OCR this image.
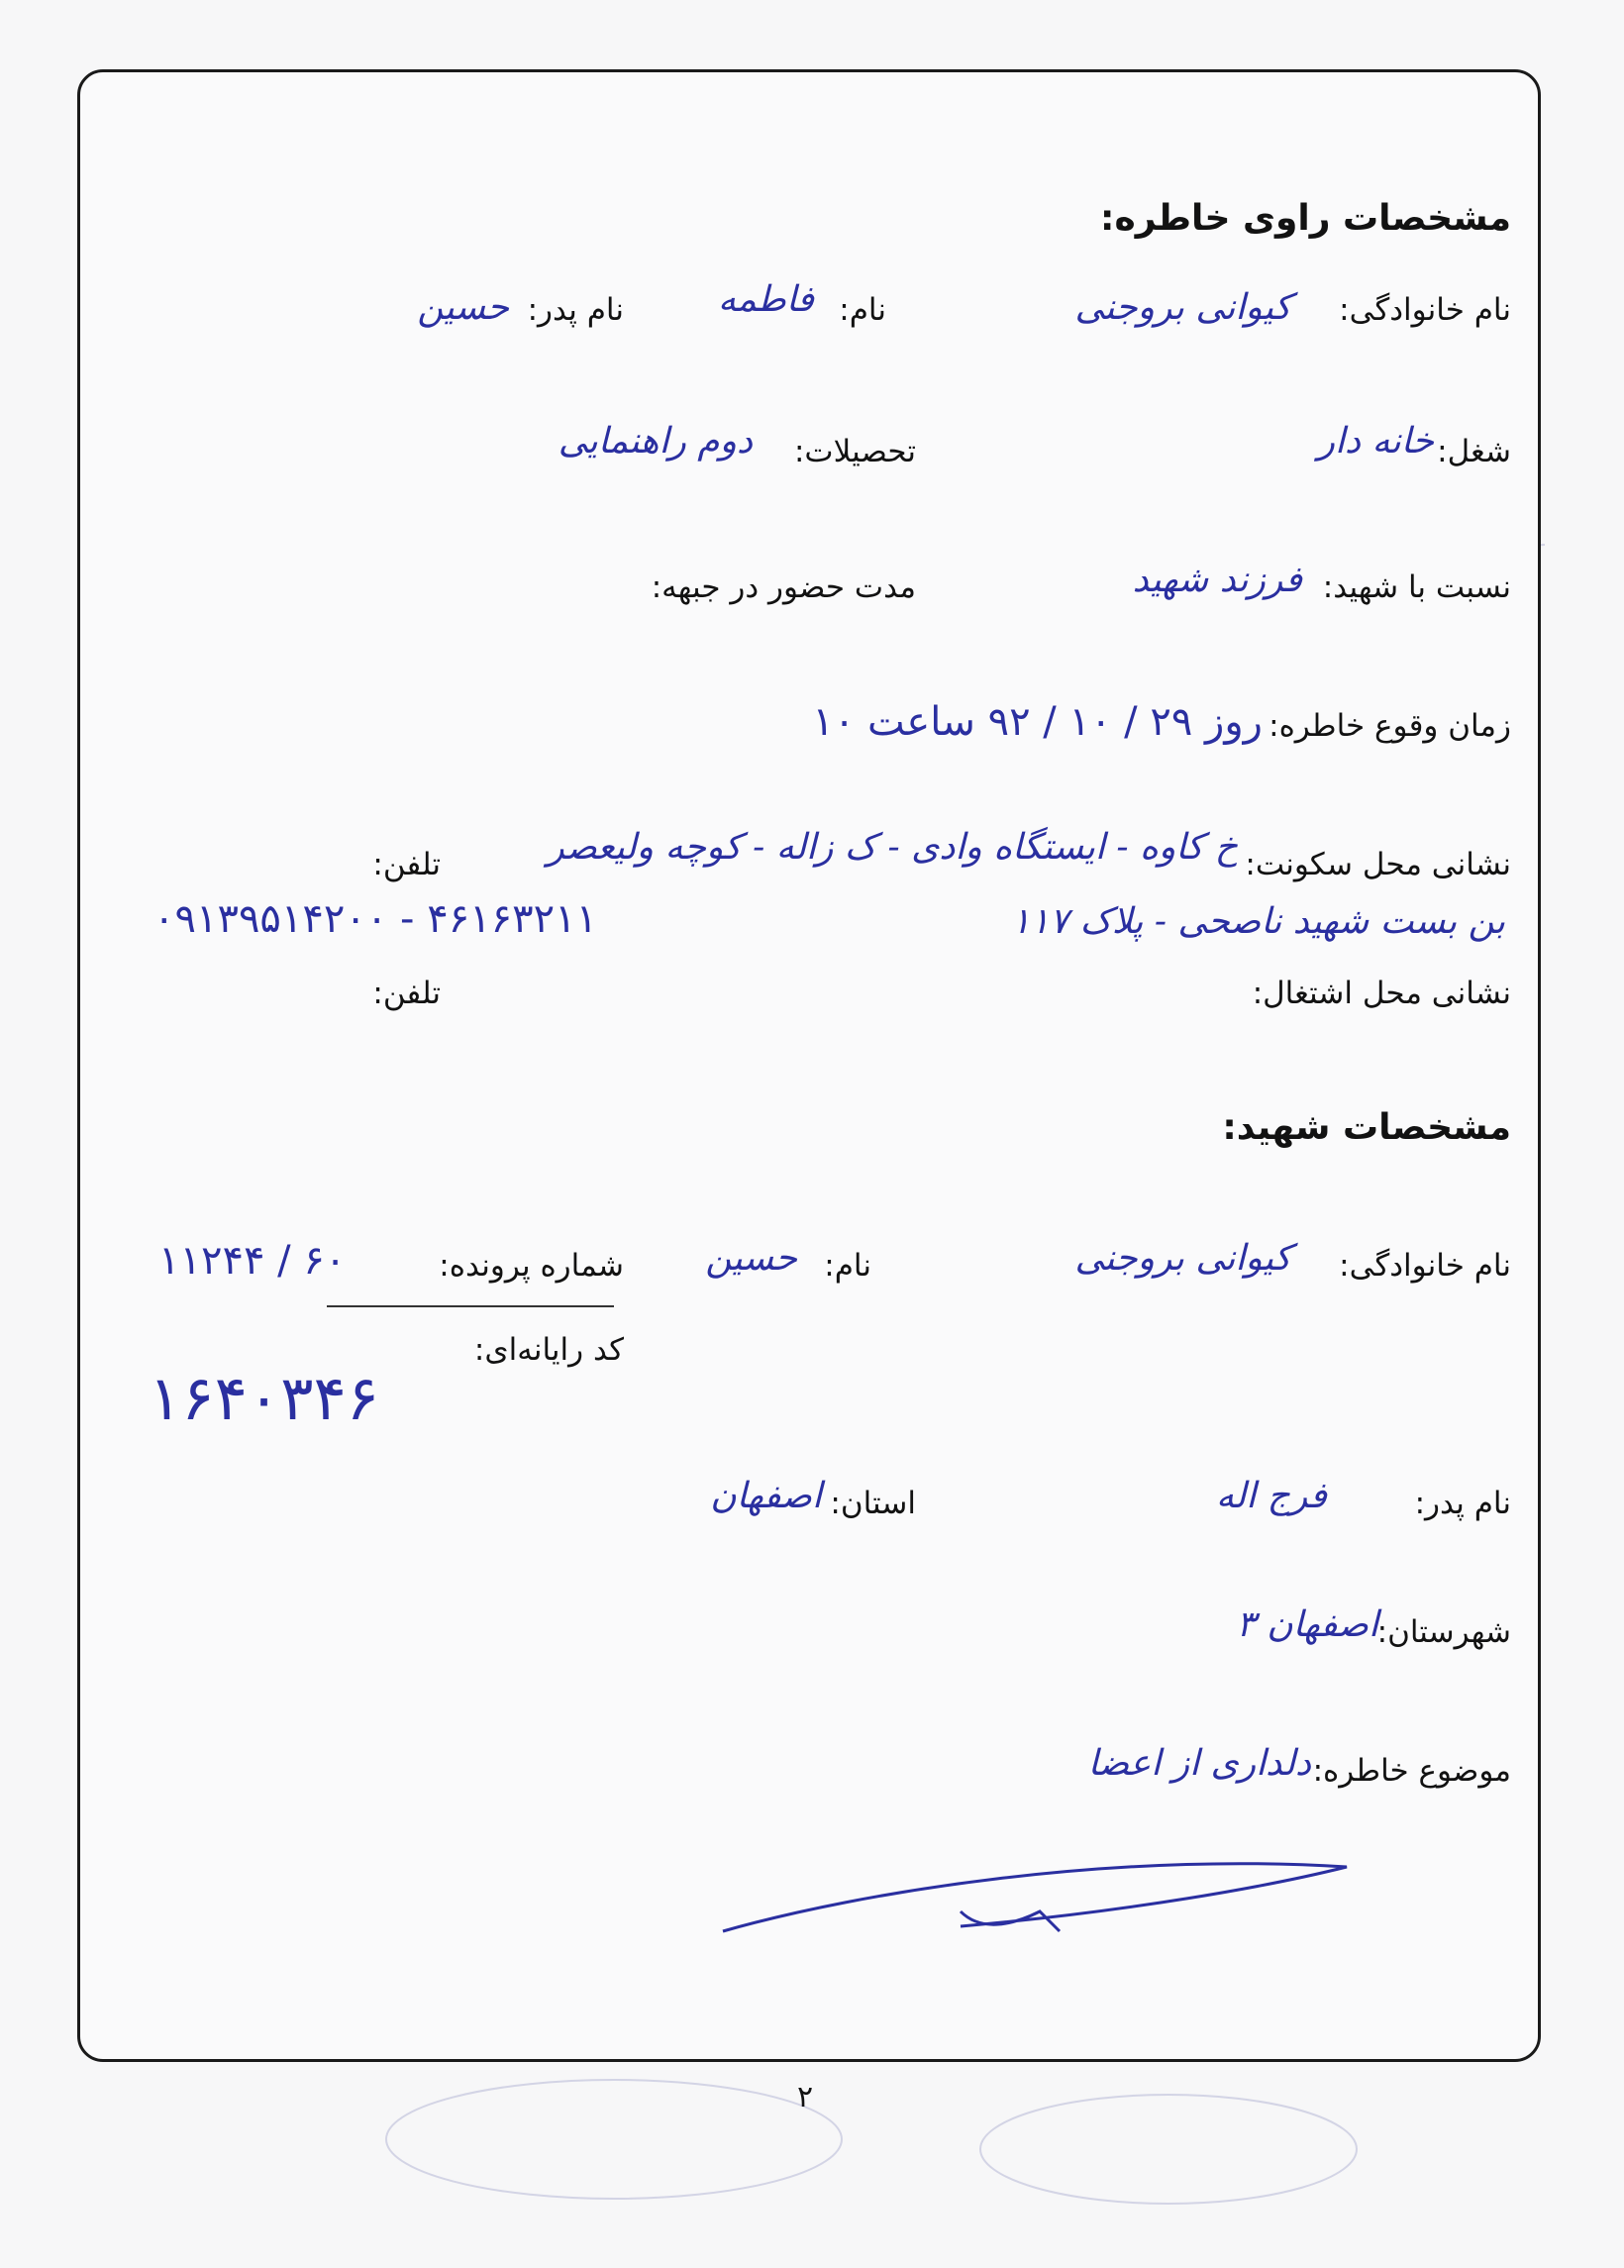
مشخصات راوی خاطره:
نام خانوادگی:
کیوانی بروجنی
نام:
فاطمه
نام پدر:
حسین
شغل:
خانه دار
تحصیلات:
دوم راهنمایی
نسبت با شهید:
فرزند شهید
مدت حضور در جبهه:
زمان وقوع خاطره:
روز ۲۹ / ۱۰ / ۹۲ ساعت ۱۰
نشانی محل سکونت:
خ کاوه - ایستگاه وادی - ک زاله - کوچه ولیعصر
تلفن:
بن بست شهید ناصحی - پلاک ۱۱۷
۴۶۱۶۳۲۱۱ - ۰۹۱۳۹۵۱۴۲۰۰
نشانی محل اشتغال:
تلفن:
مشخصات شهید:
نام خانوادگی:
کیوانی بروجنی
نام:
حسین
شماره پرونده:
۶۰ / ۱۱۲۴۴
کد رایانه‌ای:
۱۶۴۰۳۴۶
نام پدر:
فرج اله
استان:
اصفهان
شهرستان:
اصفهان ۳
موضوع خاطره:
دلداری از اعضا
۲
